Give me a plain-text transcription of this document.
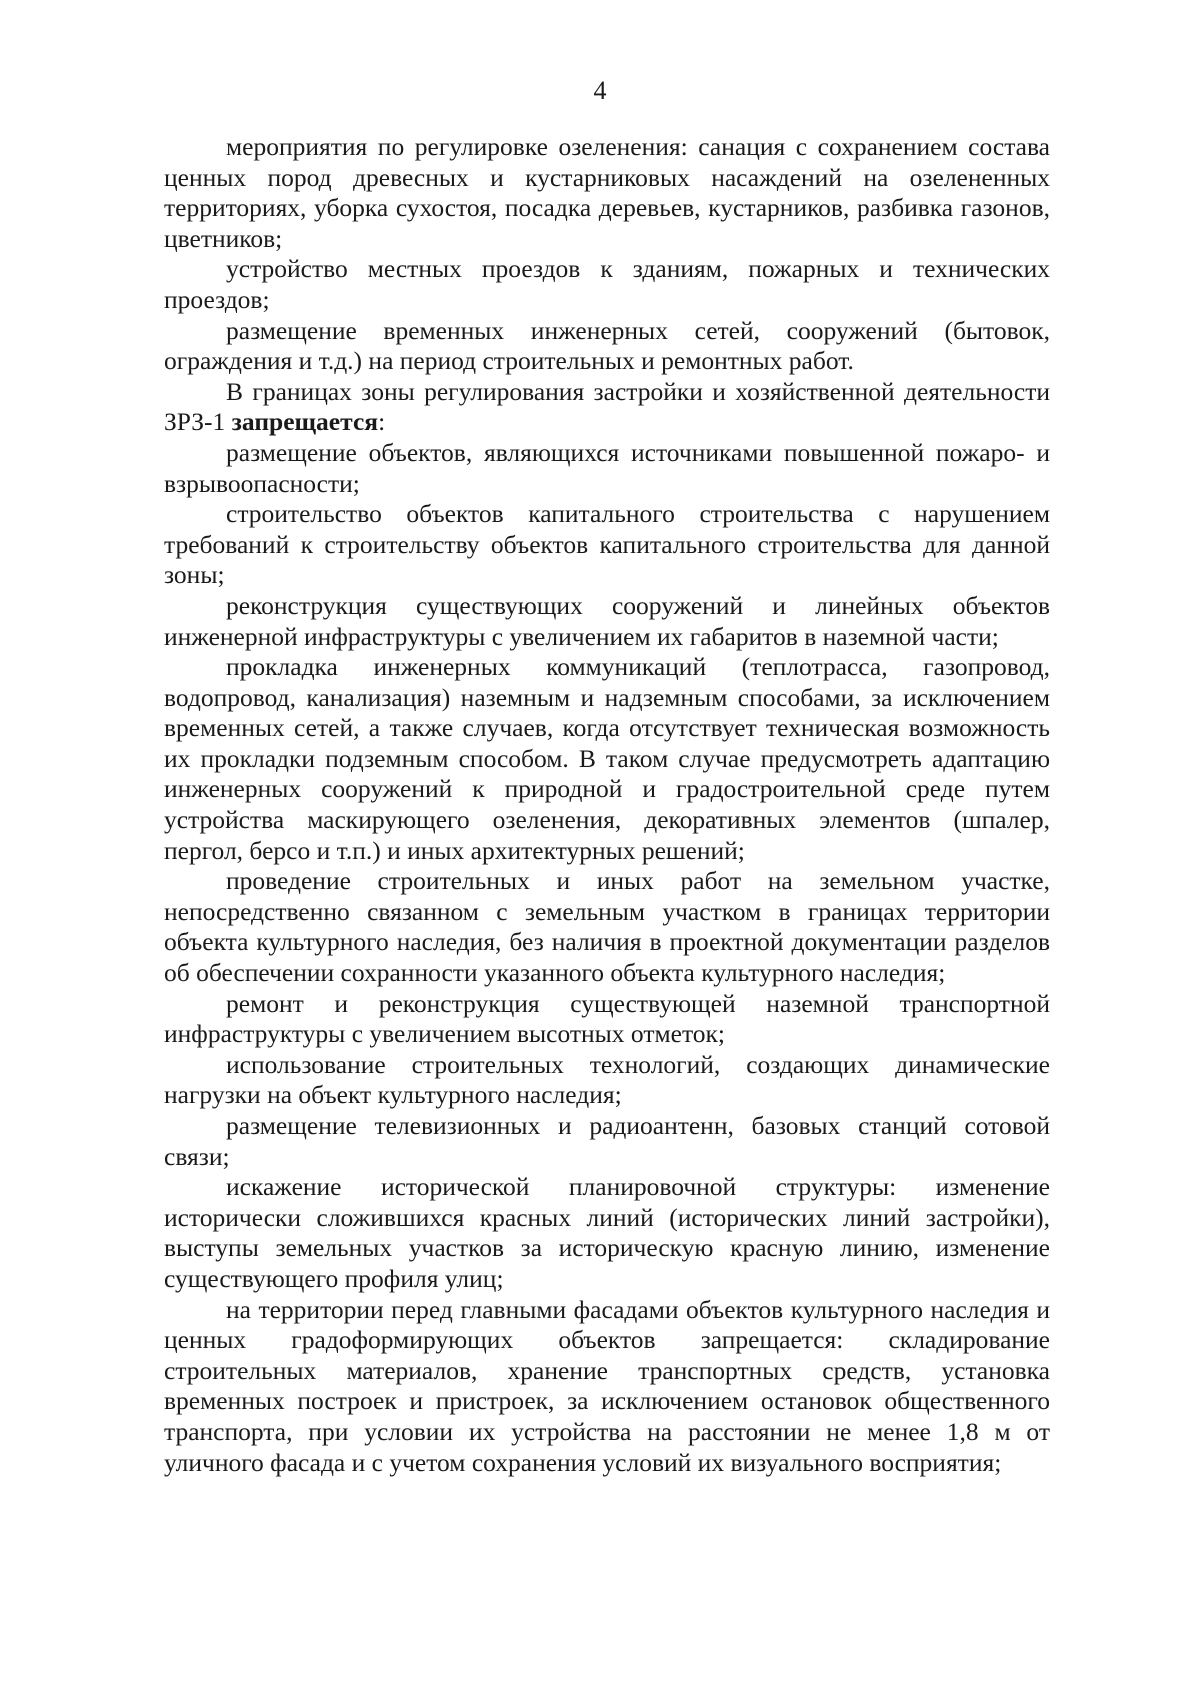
4

мероприятия по регулировке озеленения: санация с сохранением состава ценных пород древесных и кустарниковых насаждений на озелененных территориях, уборка сухостоя, посадка деревьев, кустарников, разбивка газонов, цветников;

устройство местных проездов к зданиям, пожарных и технических проездов;

размещение временных инженерных сетей, сооружений (бытовок, ограждения и т.д.) на период строительных и ремонтных работ.

В границах зоны регулирования застройки и хозяйственной деятельности ЗРЗ-1 запрещается:

размещение объектов, являющихся источниками повышенной пожаро- и взрывоопасности;

строительство объектов капитального строительства с нарушением требований к строительству объектов капитального строительства для данной зоны;

реконструкция существующих сооружений и линейных объектов инженерной инфраструктуры с увеличением их габаритов в наземной части;

прокладка инженерных коммуникаций (теплотрасса, газопровод, водопровод, канализация) наземным и надземным способами, за исключением временных сетей, а также случаев, когда отсутствует техническая возможность их прокладки подземным способом. В таком случае предусмотреть адаптацию инженерных сооружений к природной и градостроительной среде путем устройства маскирующего озеленения, декоративных элементов (шпалер, пергол, берсо и т.п.) и иных архитектурных решений;

проведение строительных и иных работ на земельном участке, непосредственно связанном с земельным участком в границах территории объекта культурного наследия, без наличия в проектной документации разделов об обеспечении сохранности указанного объекта культурного наследия;

ремонт и реконструкция существующей наземной транспортной инфраструктуры с увеличением высотных отметок;

использование строительных технологий, создающих динамические нагрузки на объект культурного наследия;

размещение телевизионных и радиоантенн, базовых станций сотовой связи;

искажение исторической планировочной структуры: изменение исторически сложившихся красных линий (исторических линий застройки), выступы земельных участков за историческую красную линию, изменение существующего профиля улиц;

на территории перед главными фасадами объектов культурного наследия и ценных градоформирующих объектов запрещается: складирование строительных материалов, хранение транспортных средств, установка временных построек и пристроек, за исключением остановок общественного транспорта, при условии их устройства на расстоянии не менее 1,8 м от уличного фасада и с учетом сохранения условий их визуального восприятия;
